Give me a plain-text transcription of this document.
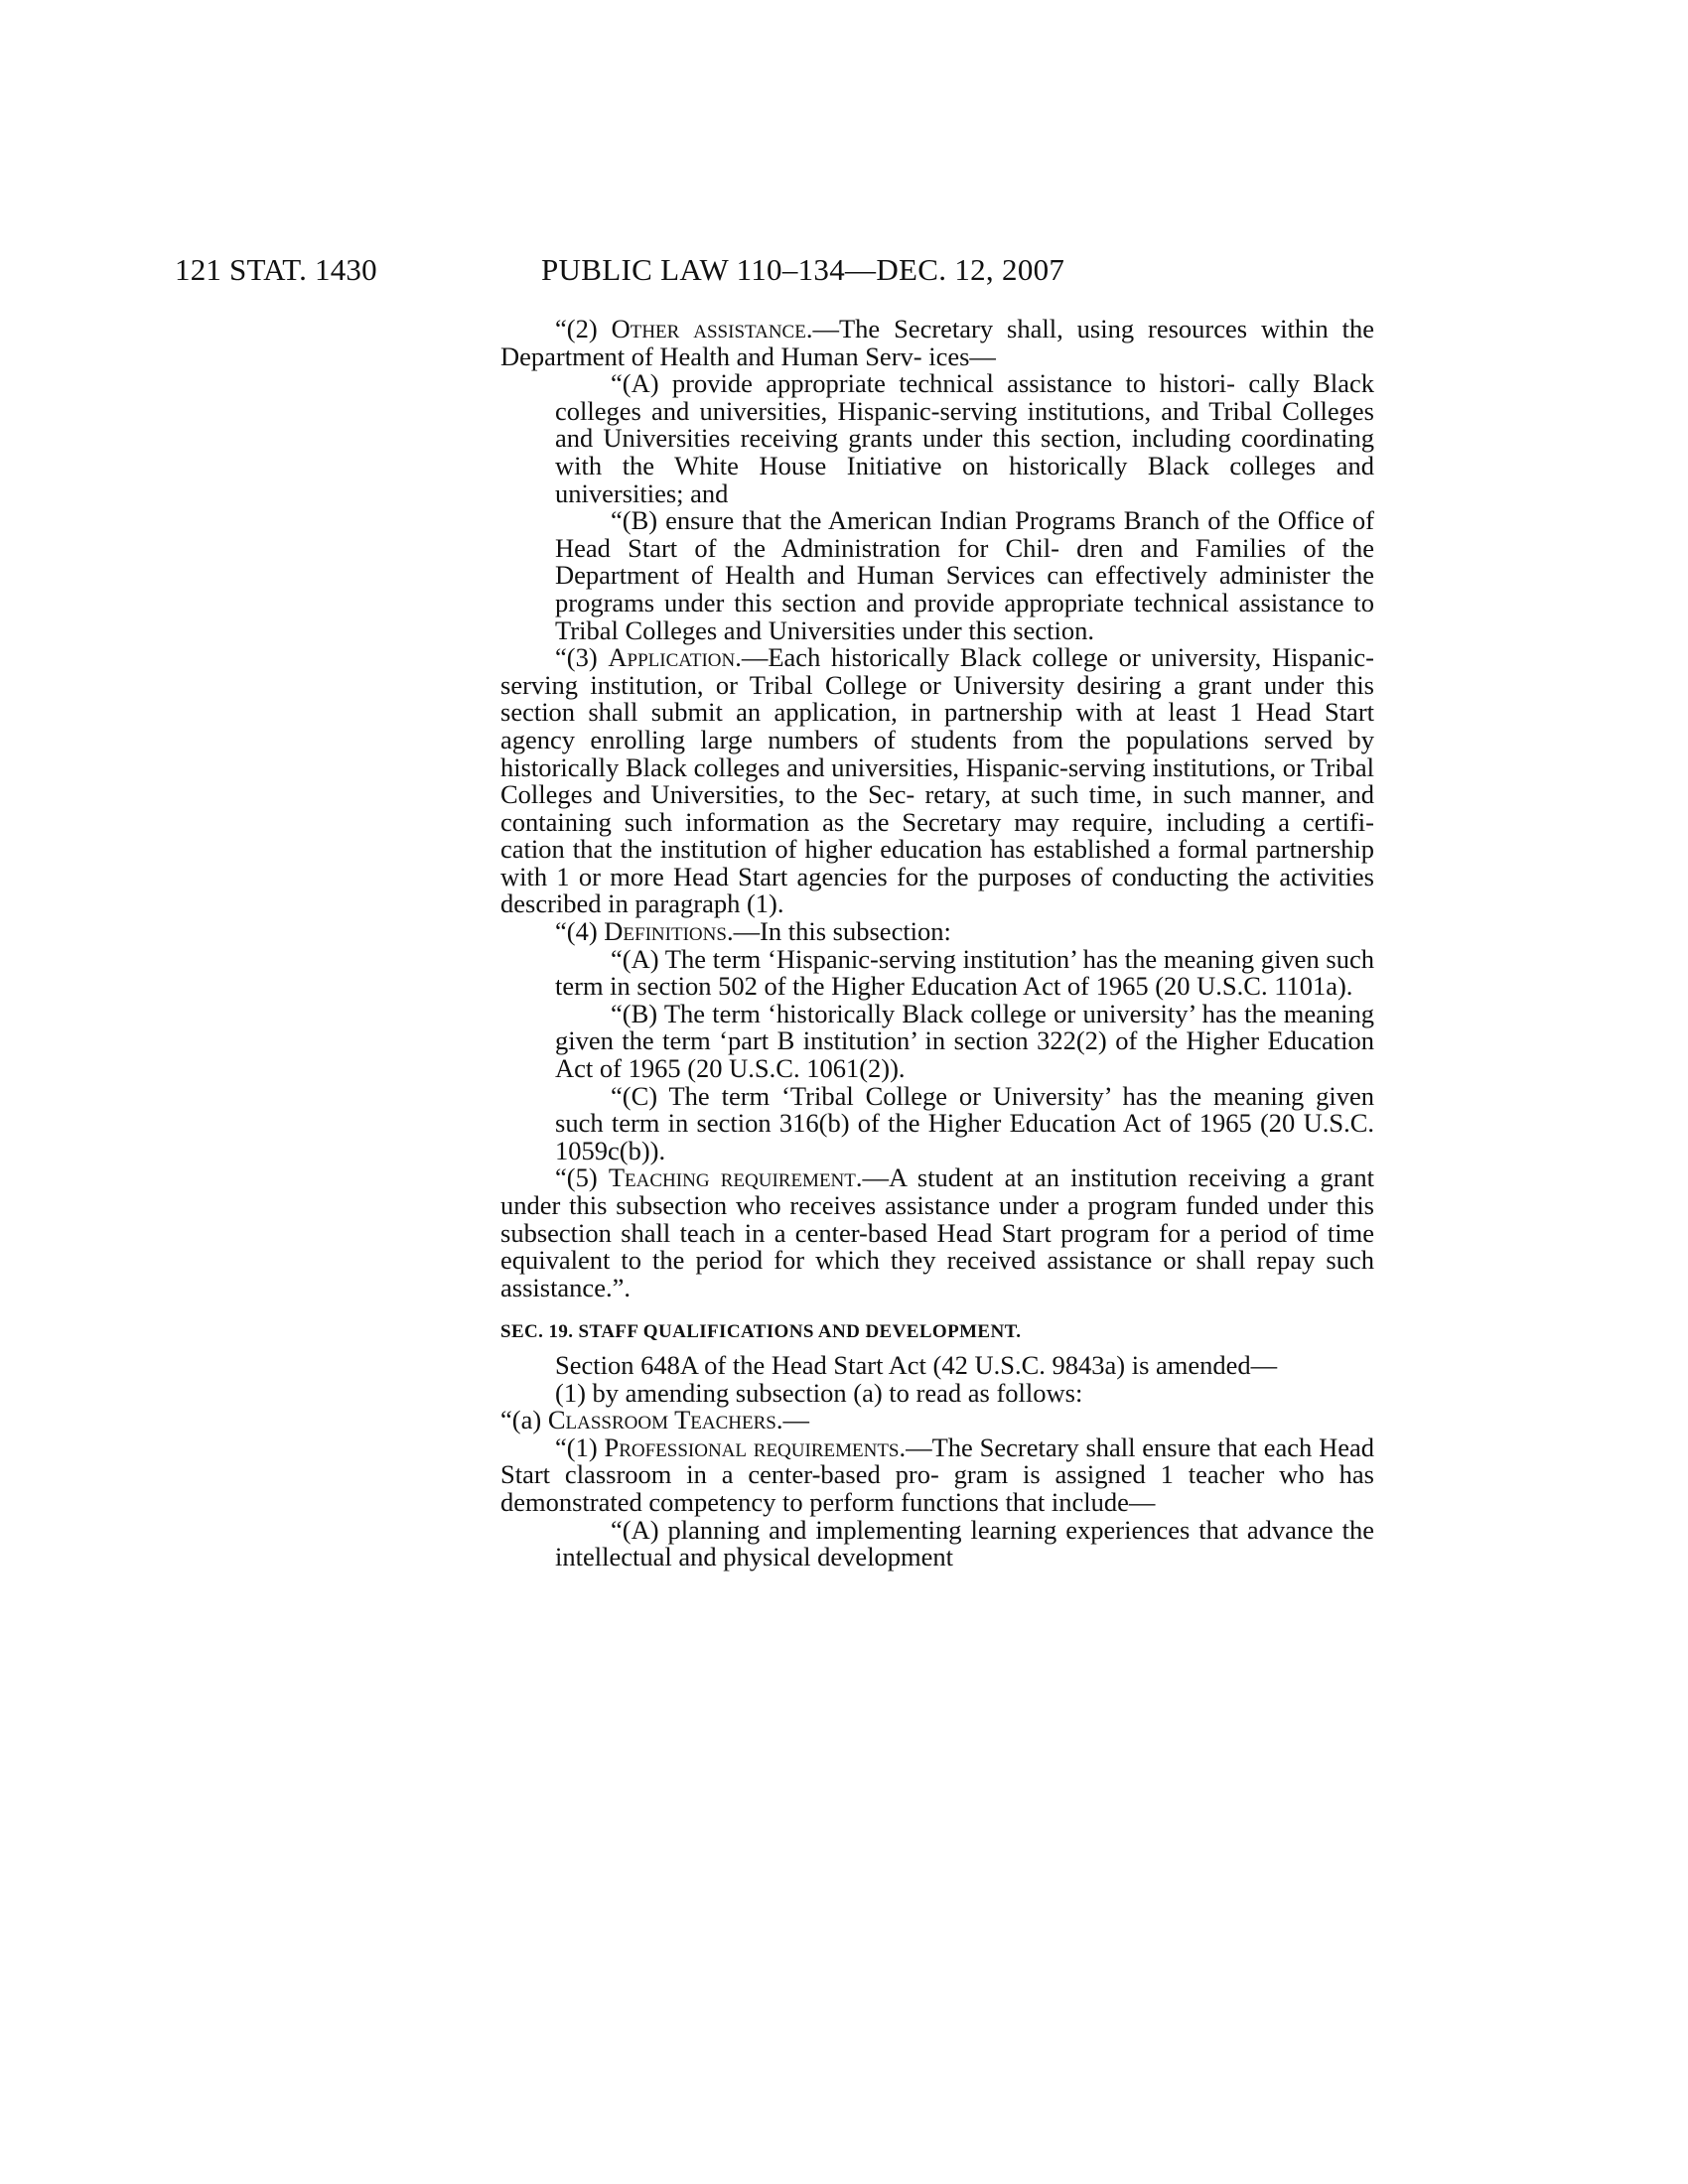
121 STAT. 1430	PUBLIC LAW 110–134—DEC. 12, 2007

“(2) Other assistance.—The Secretary shall, using resources within the Department of Health and Human Serv- ices—

“(A) provide appropriate technical assistance to histori- cally Black colleges and universities, Hispanic-serving institutions, and Tribal Colleges and Universities receiving grants under this section, including coordinating with the White House Initiative on historically Black colleges and universities; and

“(B) ensure that the American Indian Programs Branch of the Office of Head Start of the Administration for Chil- dren and Families of the Department of Health and Human Services can effectively administer the programs under this section and provide appropriate technical assistance to Tribal Colleges and Universities under this section.

“(3) Application.—Each historically Black college or university, Hispanic-serving institution, or Tribal College or University desiring a grant under this section shall submit an application, in partnership with at least 1 Head Start agency enrolling large numbers of students from the populations served by historically Black colleges and universities, Hispanic-serving institutions, or Tribal Colleges and Universities, to the Sec- retary, at such time, in such manner, and containing such information as the Secretary may require, including a certifi- cation that the institution of higher education has established a formal partnership with 1 or more Head Start agencies for the purposes of conducting the activities described in paragraph (1).

“(4) Definitions.—In this subsection:

“(A) The term ‘Hispanic-serving institution’ has the meaning given such term in section 502 of the Higher Education Act of 1965 (20 U.S.C. 1101a).

“(B) The term ‘historically Black college or university’ has the meaning given the term ‘part B institution’ in section 322(2) of the Higher Education Act of 1965 (20 U.S.C. 1061(2)).

“(C) The term ‘Tribal College or University’ has the meaning given such term in section 316(b) of the Higher Education Act of 1965 (20 U.S.C. 1059c(b)).

“(5) Teaching requirement.—A student at an institution receiving a grant under this subsection who receives assistance under a program funded under this subsection shall teach in a center-based Head Start program for a period of time equivalent to the period for which they received assistance or shall repay such assistance.”.

SEC. 19. STAFF QUALIFICATIONS AND DEVELOPMENT.

Section 648A of the Head Start Act (42 U.S.C. 9843a) is amended—

(1) by amending subsection (a) to read as follows:

“(a) Classroom Teachers.—

“(1) Professional requirements.—The Secretary shall ensure that each Head Start classroom in a center-based pro- gram is assigned 1 teacher who has demonstrated competency to perform functions that include—

“(A) planning and implementing learning experiences that advance the intellectual and physical development
